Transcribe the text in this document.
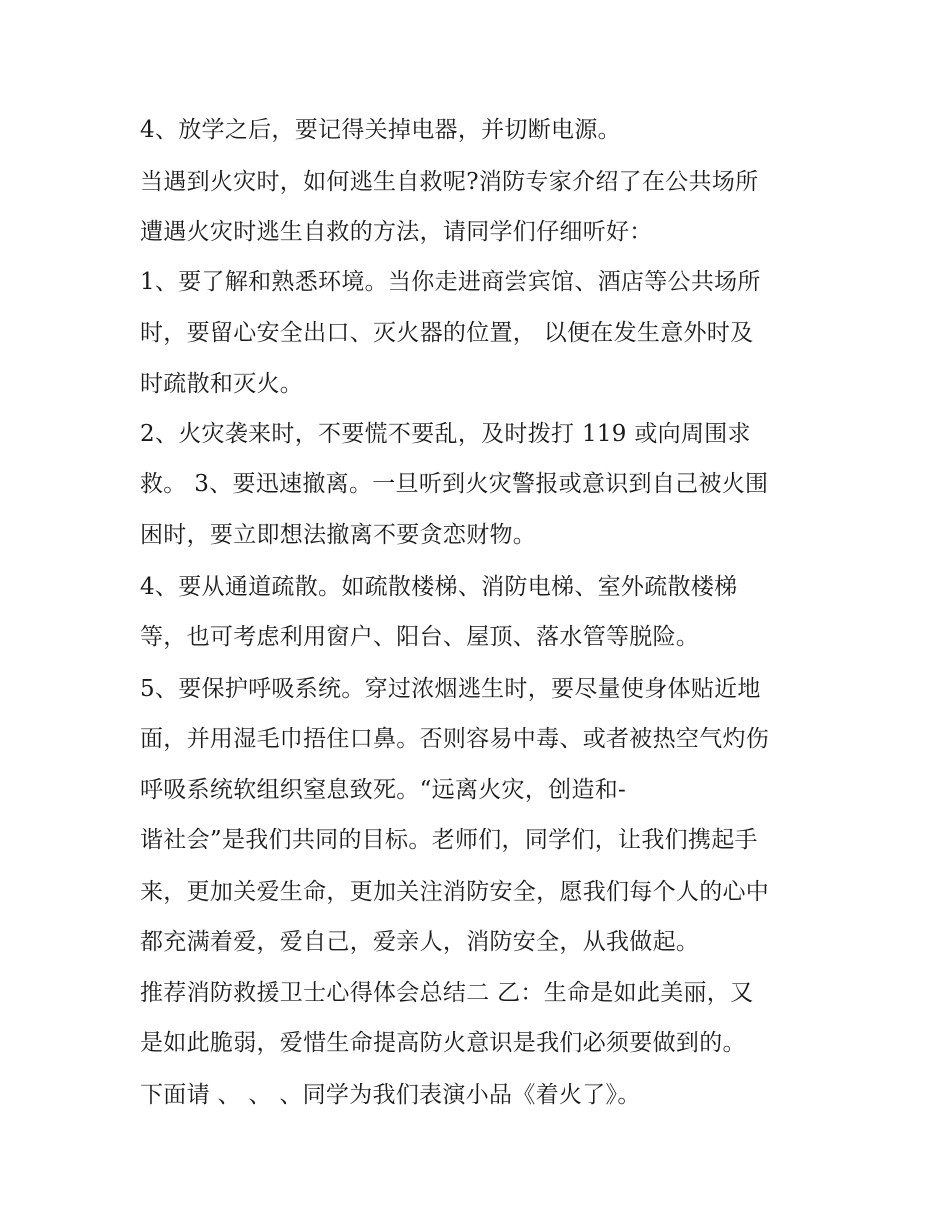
4、放学之后，要记得关掉电器，并切断电源。
当遇到火灾时，如何逃生自救呢?消防专家介绍了在公共场所
遭遇火灾时逃生自救的方法，请同学们仔细听好：
1、要了解和熟悉环境。当你走进商尝宾馆、酒店等公共场所
时，要留心安全出口、灭火器的位置， 以便在发生意外时及
时疏散和灭火。
2、火灾袭来时，不要慌不要乱，及时拨打 119 或向周围求
救。 3、要迅速撤离。一旦听到火灾警报或意识到自己被火围
困时，要立即想法撤离不要贪恋财物。
4、要从通道疏散。如疏散楼梯、消防电梯、室外疏散楼梯
等，也可考虑利用窗户、阳台、屋顶、落水管等脱险。
5、要保护呼吸系统。穿过浓烟逃生时，要尽量使身体贴近地
面，并用湿毛巾捂住口鼻。否则容易中毒、或者被热空气灼伤
呼吸系统软组织窒息致死。“远离火灾，创造和-
谐社会”是我们共同的目标。老师们，同学们，让我们携起手
来，更加关爱生命，更加关注消防安全，愿我们每个人的心中
都充满着爱，爱自己，爱亲人，消防安全，从我做起。
推荐消防救援卫士心得体会总结二 乙：生命是如此美丽，又
是如此脆弱，爱惜生命提高防火意识是我们必须要做到的。
下面请 、 、 、同学为我们表演小品《着火了》。
